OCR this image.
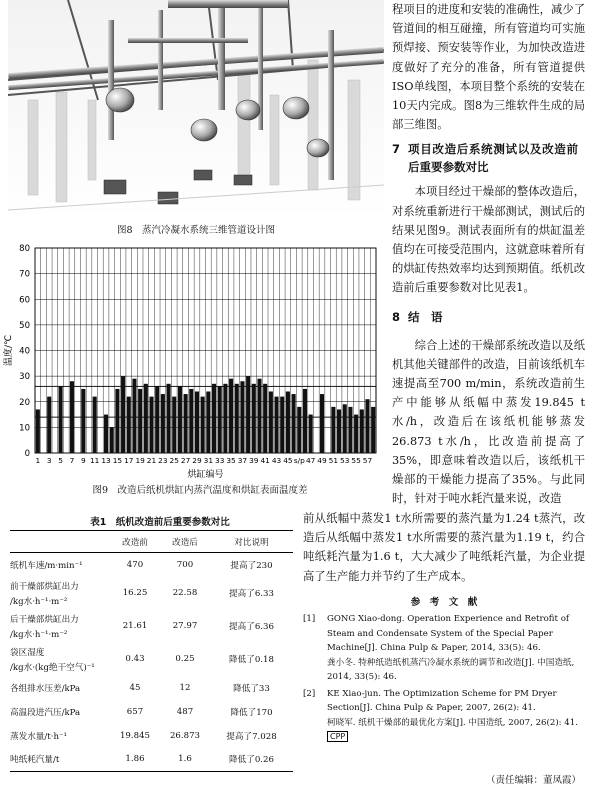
图8　蒸汽冷凝水系统三维管道设计图
0
10
20
30
40
50
60
70
80
1 3 5 7 9 11 13 15 17 19 21 23 25 27 29 31 33 35 37 39 41 43 45 s/p 47 49 51 53 55 57
烘缸编号
温度/℃
图9　改造后纸机烘缸内蒸汽温度和烘缸表面温度差
表1　纸机改造前后重要参数对比
	改造前	改造后	对比说明

纸机车速/m·min⁻¹	470	700	提高了230

前干燥部烘缸出力
/kg水·h⁻¹·m⁻²	16.25	22.58	提高了6.33

后干燥部烘缸出力
/kg水·h⁻¹·m⁻²	21.61	27.97	提高了6.36

袋区湿度
/kg水·(kg绝干空气)⁻¹	0.43	0.25	降低了0.18

各组排水压差/kPa	45	12	降低了33

高温段进汽压/kPa	657	487	降低了170

蒸发水量/t·h⁻¹	19.845	26.873	提高了7.028

吨纸耗汽量/t	1.86	1.6	降低了0.26

程项目的进度和安装的准确性，减少了管道间的相互碰撞，所有管道均可实施预焊接、预安装等作业，为加快改造进度做好了充分的准备，所有管道提供ISO单线图，本项目整个系统的安装在10天内完成。图8为三维软件生成的局部三维图。

7 项目改造后系统测试以及改造前后重要参数对比

本项目经过干燥部的整体改造后，对系统重新进行干燥部测试，测试后的结果见图9。测试表面所有的烘缸温差值均在可接受范围内，这就意味着所有的烘缸传热效率均达到预期值。纸机改造前后重要参数对比见表1。

8 结　语

综合上述的干燥部系统改造以及纸机其他关键部件的改造，目前该纸机车速提高至700 m/min，系统改造前生产中能够从纸幅中蒸发19.845 t水/h，改造后在该纸机能够蒸发26.873 t水/h，比改造前提高了35%，即意味着改造以后，该纸机干燥部的干燥能力提高了35%。与此同时，针对于吨水耗汽量来说，改造

前从纸幅中蒸发1 t水所需要的蒸汽量为1.24 t蒸汽，改造后从纸幅中蒸发1 t水所需要的蒸汽量为1.19 t，约合吨纸耗汽量为1.6 t，大大减少了吨纸耗汽量，为企业提高了生产能力并节约了生产成本。
参　考　文　献
[1]	GONG Xiao-dong. Operation Experience and Retrofit of Steam and Condensate System of the Special Paper Machine[J]. China Pulp & Paper, 2014, 33(5): 46.
龚小冬. 特种纸造纸机蒸汽冷凝水系统的调节和改造[J]. 中国造纸, 2014, 33(5): 46.
[2]	KE Xiao-jun. The Optimization Scheme for PM Dryer Section[J]. China Pulp & Paper, 2007, 26(2): 41.
柯晓军. 纸机干燥部的最优化方案[J]. 中国造纸, 2007, 26(2): 41. CPP
（责任编辑：董凤霞）
